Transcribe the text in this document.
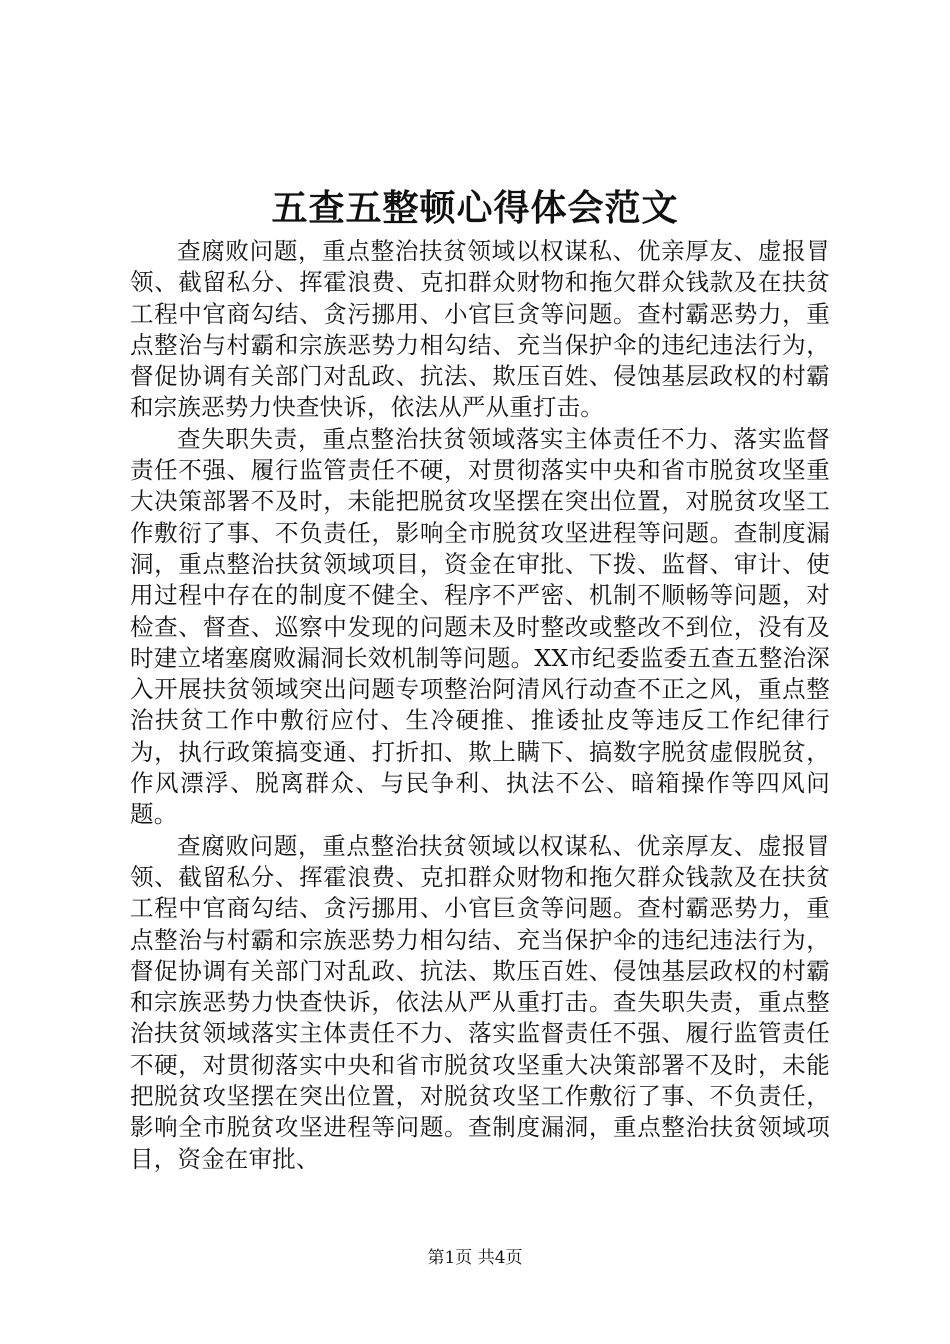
五查五整顿心得体会范文

查腐败问题，重点整治扶贫领域以权谋私、优亲厚友、虚报冒领、截留私分、挥霍浪费、克扣群众财物和拖欠群众钱款及在扶贫工程中官商勾结、贪污挪用、小官巨贪等问题。查村霸恶势力，重点整治与村霸和宗族恶势力相勾结、充当保护伞的违纪违法行为，督促协调有关部门对乱政、抗法、欺压百姓、侵蚀基层政权的村霸和宗族恶势力快查快诉，依法从严从重打击。

查失职失责，重点整治扶贫领域落实主体责任不力、落实监督责任不强、履行监管责任不硬，对贯彻落实中央和省市脱贫攻坚重大决策部署不及时，未能把脱贫攻坚摆在突出位置，对脱贫攻坚工作敷衍了事、不负责任，影响全市脱贫攻坚进程等问题。查制度漏洞，重点整治扶贫领域项目，资金在审批、下拨、监督、审计、使用过程中存在的制度不健全、程序不严密、机制不顺畅等问题，对检查、督查、巡察中发现的问题未及时整改或整改不到位，没有及时建立堵塞腐败漏洞长效机制等问题。XX市纪委监委五查五整治深入开展扶贫领域突出问题专项整治阿清风行动查不正之风，重点整治扶贫工作中敷衍应付、生冷硬推、推诿扯皮等违反工作纪律行为，执行政策搞变通、打折扣、欺上瞒下、搞数字脱贫虚假脱贫，作风漂浮、脱离群众、与民争利、执法不公、暗箱操作等四风问题。

查腐败问题，重点整治扶贫领域以权谋私、优亲厚友、虚报冒领、截留私分、挥霍浪费、克扣群众财物和拖欠群众钱款及在扶贫工程中官商勾结、贪污挪用、小官巨贪等问题。查村霸恶势力，重点整治与村霸和宗族恶势力相勾结、充当保护伞的违纪违法行为，督促协调有关部门对乱政、抗法、欺压百姓、侵蚀基层政权的村霸和宗族恶势力快查快诉，依法从严从重打击。查失职失责，重点整治扶贫领域落实主体责任不力、落实监督责任不强、履行监管责任不硬，对贯彻落实中央和省市脱贫攻坚重大决策部署不及时，未能把脱贫攻坚摆在突出位置，对脱贫攻坚工作敷衍了事、不负责任，影响全市脱贫攻坚进程等问题。查制度漏洞，重点整治扶贫领域项目，资金在审批、

第1页 共4页
